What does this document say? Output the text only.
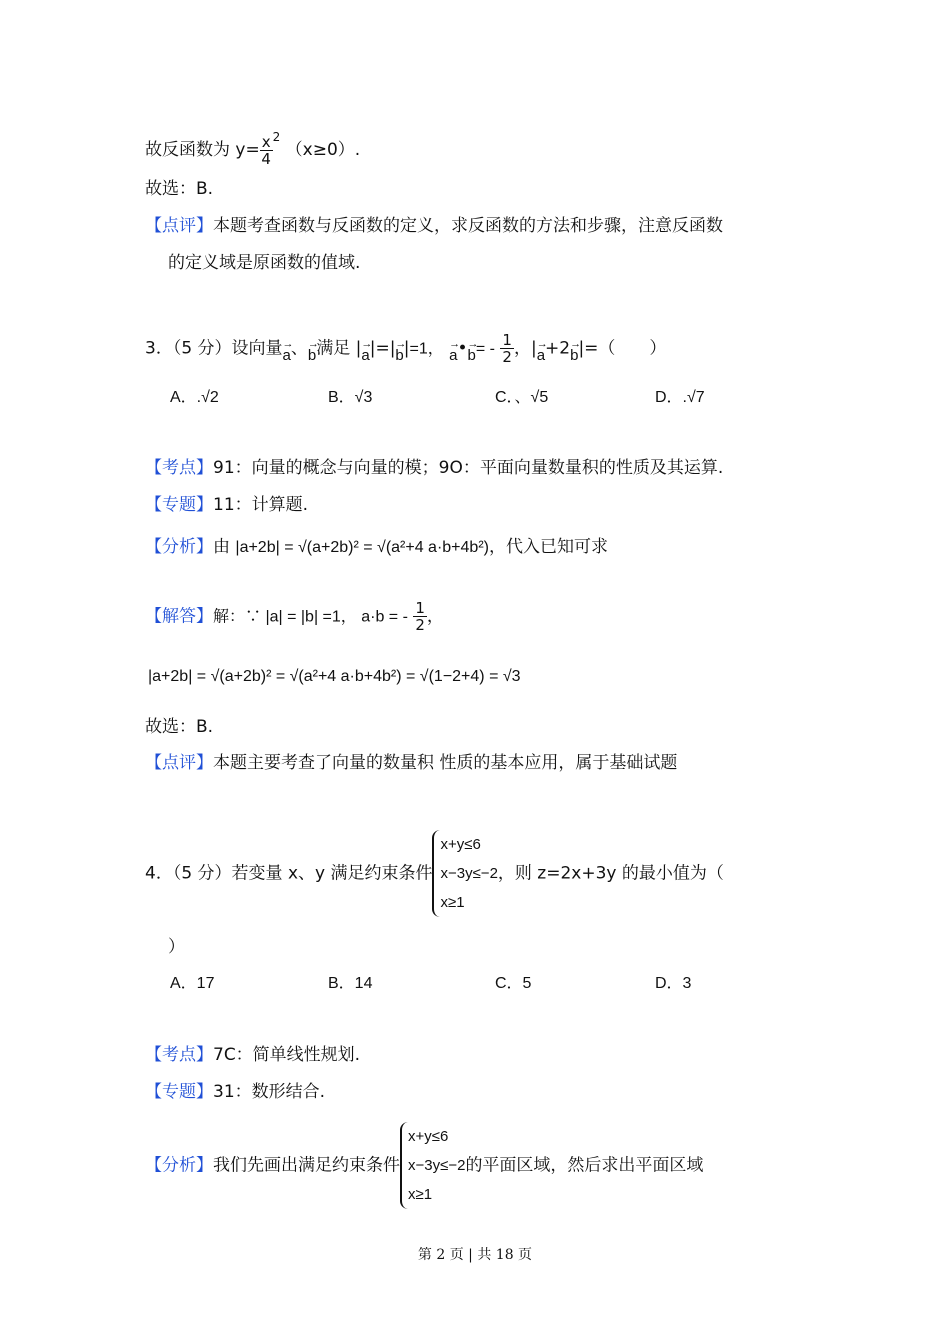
故反函数为 $y= \frac{x}{4} ^2$ （x≥0）.
故选：B.
【点评】本题考查函数与反函数的定义，求反函数的方法和步骤，注意反函数
的定义域是原函数的值域.
3．（5 分）设向量→ a、→ b满足 |→ a|=|→ b|=1， → a•→ $b= - \frac{1}{2}$ ，|→ a+2→ b|=（　　）
A．.√2	B．√3	C．、√5	D．.√7
【考点】91：向量的概念与向量的模；9O：平面向量数量积的性质及其运算.
【专题】11：计算题.
【分析】由 |a+2b| = √(a+2b)² = √(a²+4 a·b+4b²)，代入已知可求
【解答】解：∵ |a| = |b| =1， a·b = - $\frac{1}{2}$ ，
|a+2b| = √(a+2b)² = √(a²+4 a·b+4b²) = √(1−2+4) = √3
故选：B.
【点评】本题主要考查了向量的数量积 性质的基本应用，属于基础试题
4．（5 分）若变量 x、y 满足约束条件x+y≤6
x−3y≤−2
x≥1，则 z=2x+3y 的最小值为（
）
A．17	B．14	C．5	D．3
【考点】7C：简单线性规划.
【专题】31：数形结合.
【分析】我们先画出满足约束条件x+y≤6
x−3y≤−2
x≥1的平面区域，然后求出平面区域
第 2 页 | 共 18 页
